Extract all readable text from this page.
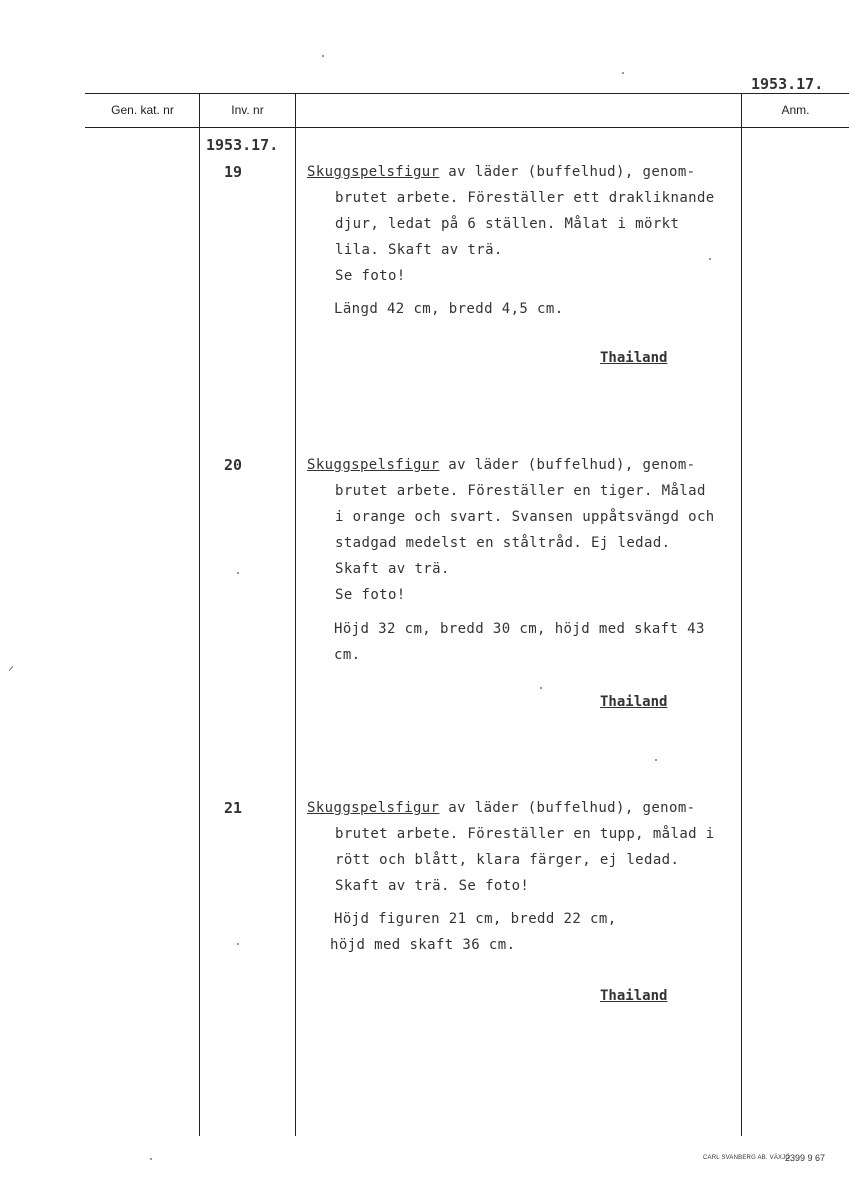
1953.17.
Gen. kat. nr	Inv. nr	Anm.
1953.17.
19	Skuggspelsfigur av läder (buffelhud), genom-
brutet arbete. Föreställer ett drakliknande
djur, ledat på 6 ställen. Målat i mörkt
lila. Skaft av trä.
Se foto!
Längd 42 cm, bredd 4,5 cm.
Thailand
20	Skuggspelsfigur av läder (buffelhud), genom-
brutet arbete. Föreställer en tiger. Målad
i orange och svart. Svansen uppåtsvängd och
stadgad medelst en ståltråd. Ej ledad.
Skaft av trä.
Se foto!
Höjd 32 cm, bredd 30 cm, höjd med skaft 43
cm.
Thailand
21	Skuggspelsfigur av läder (buffelhud), genom-
brutet arbete. Föreställer en tupp, målad i
rött och blått, klara färger, ej ledad.
Skaft av trä. Se foto!
Höjd figuren 21 cm, bredd 22 cm,
höjd med skaft 36 cm.
Thailand
CARL SVANBERG AB. VÄXJÖ
2399 9 67
